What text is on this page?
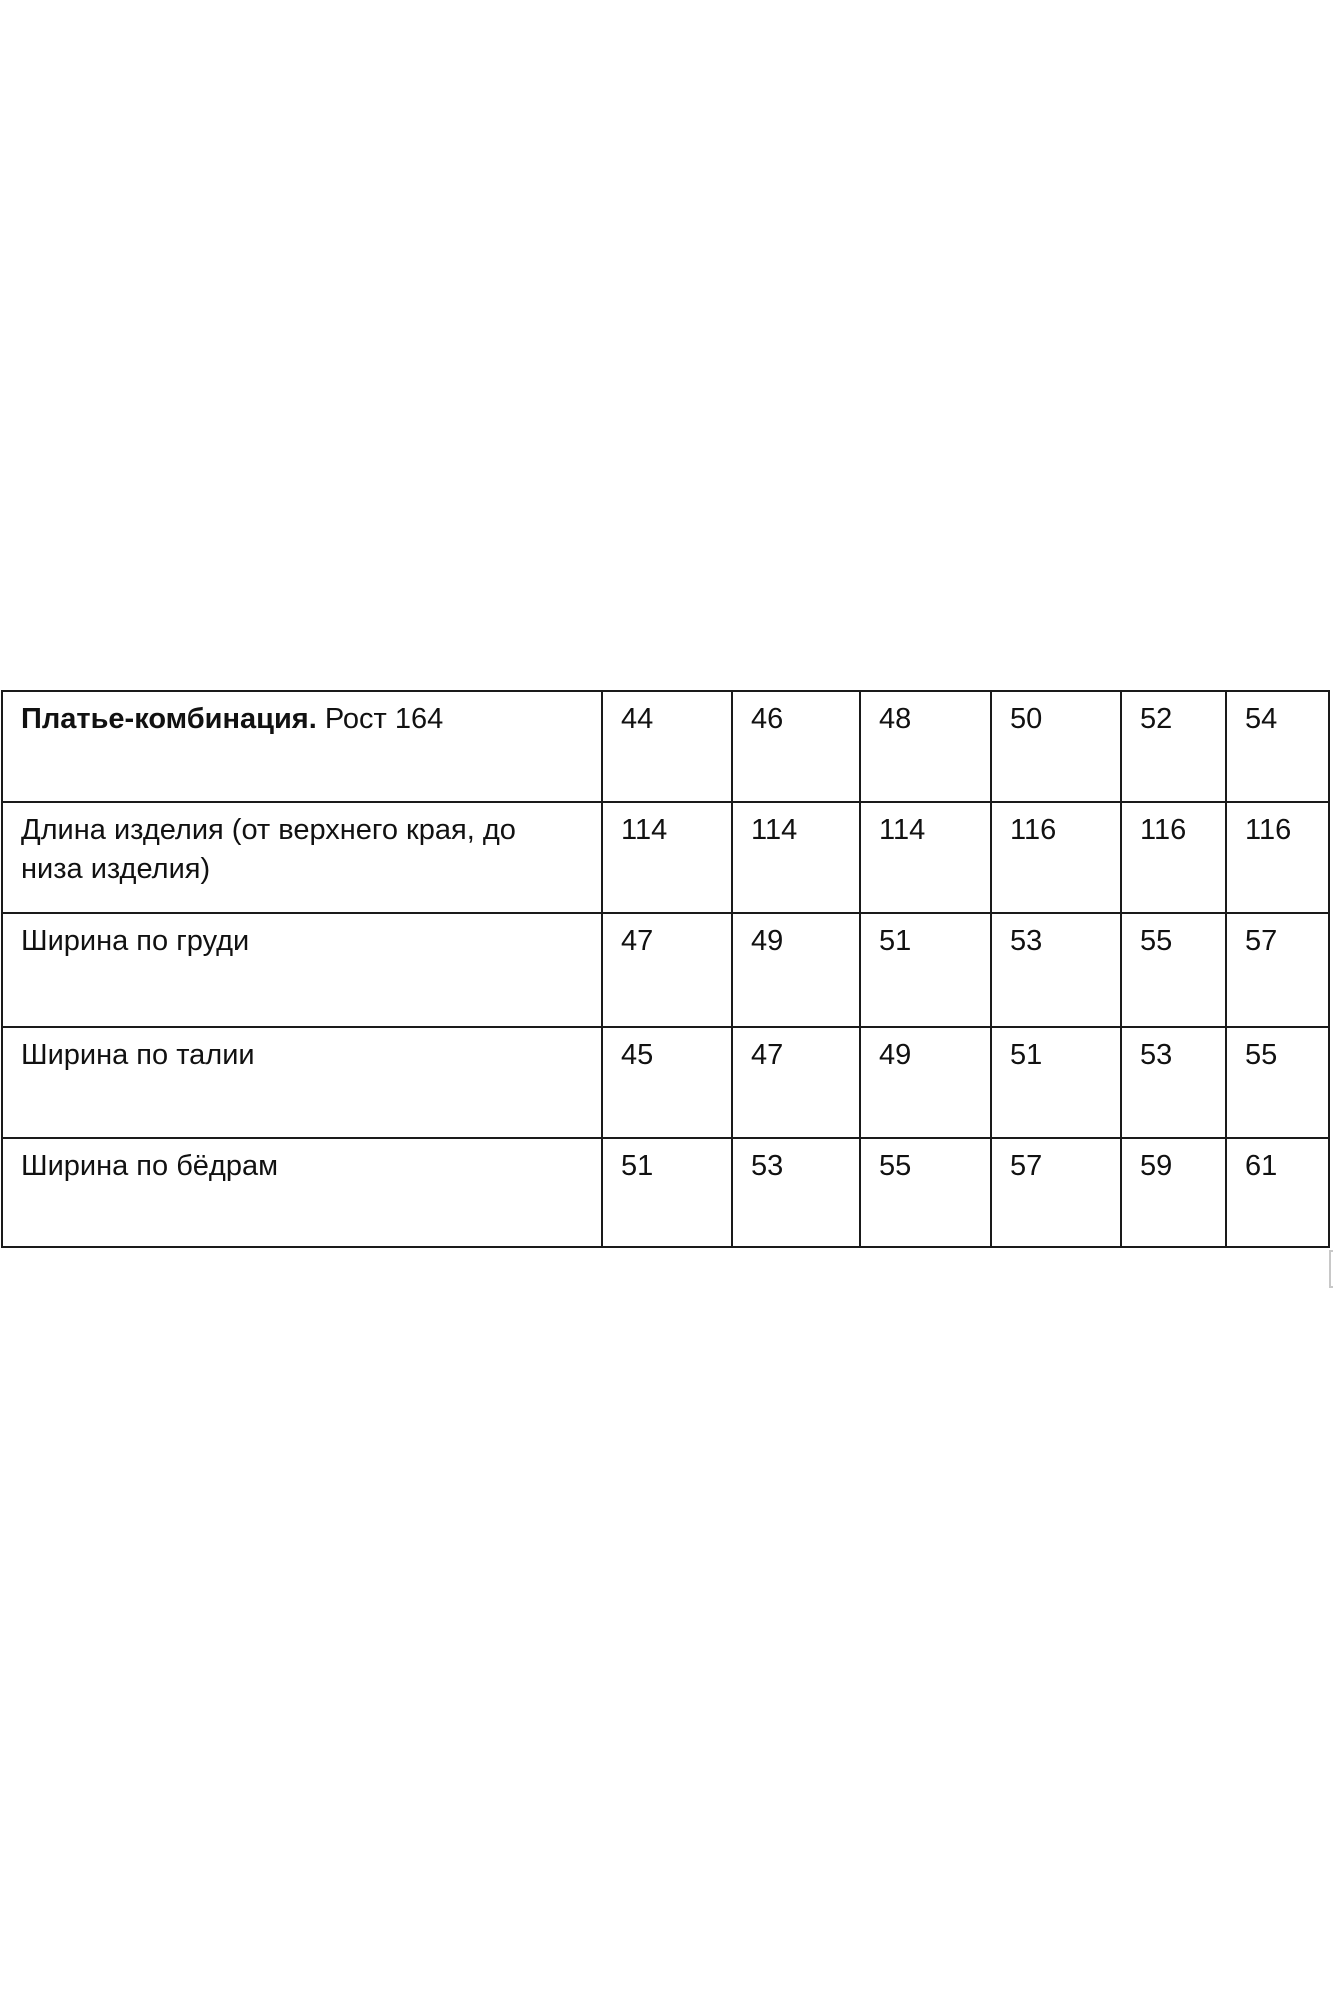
Платье-комбинация. Рост 164	44	46	48	50	52	54
Длина изделия (от верхнего края, до низа изделия)	114	114	114	116	116	116
Ширина по груди	47	49	51	53	55	57
Ширина по талии	45	47	49	51	53	55
Ширина по бёдрам	51	53	55	57	59	61
